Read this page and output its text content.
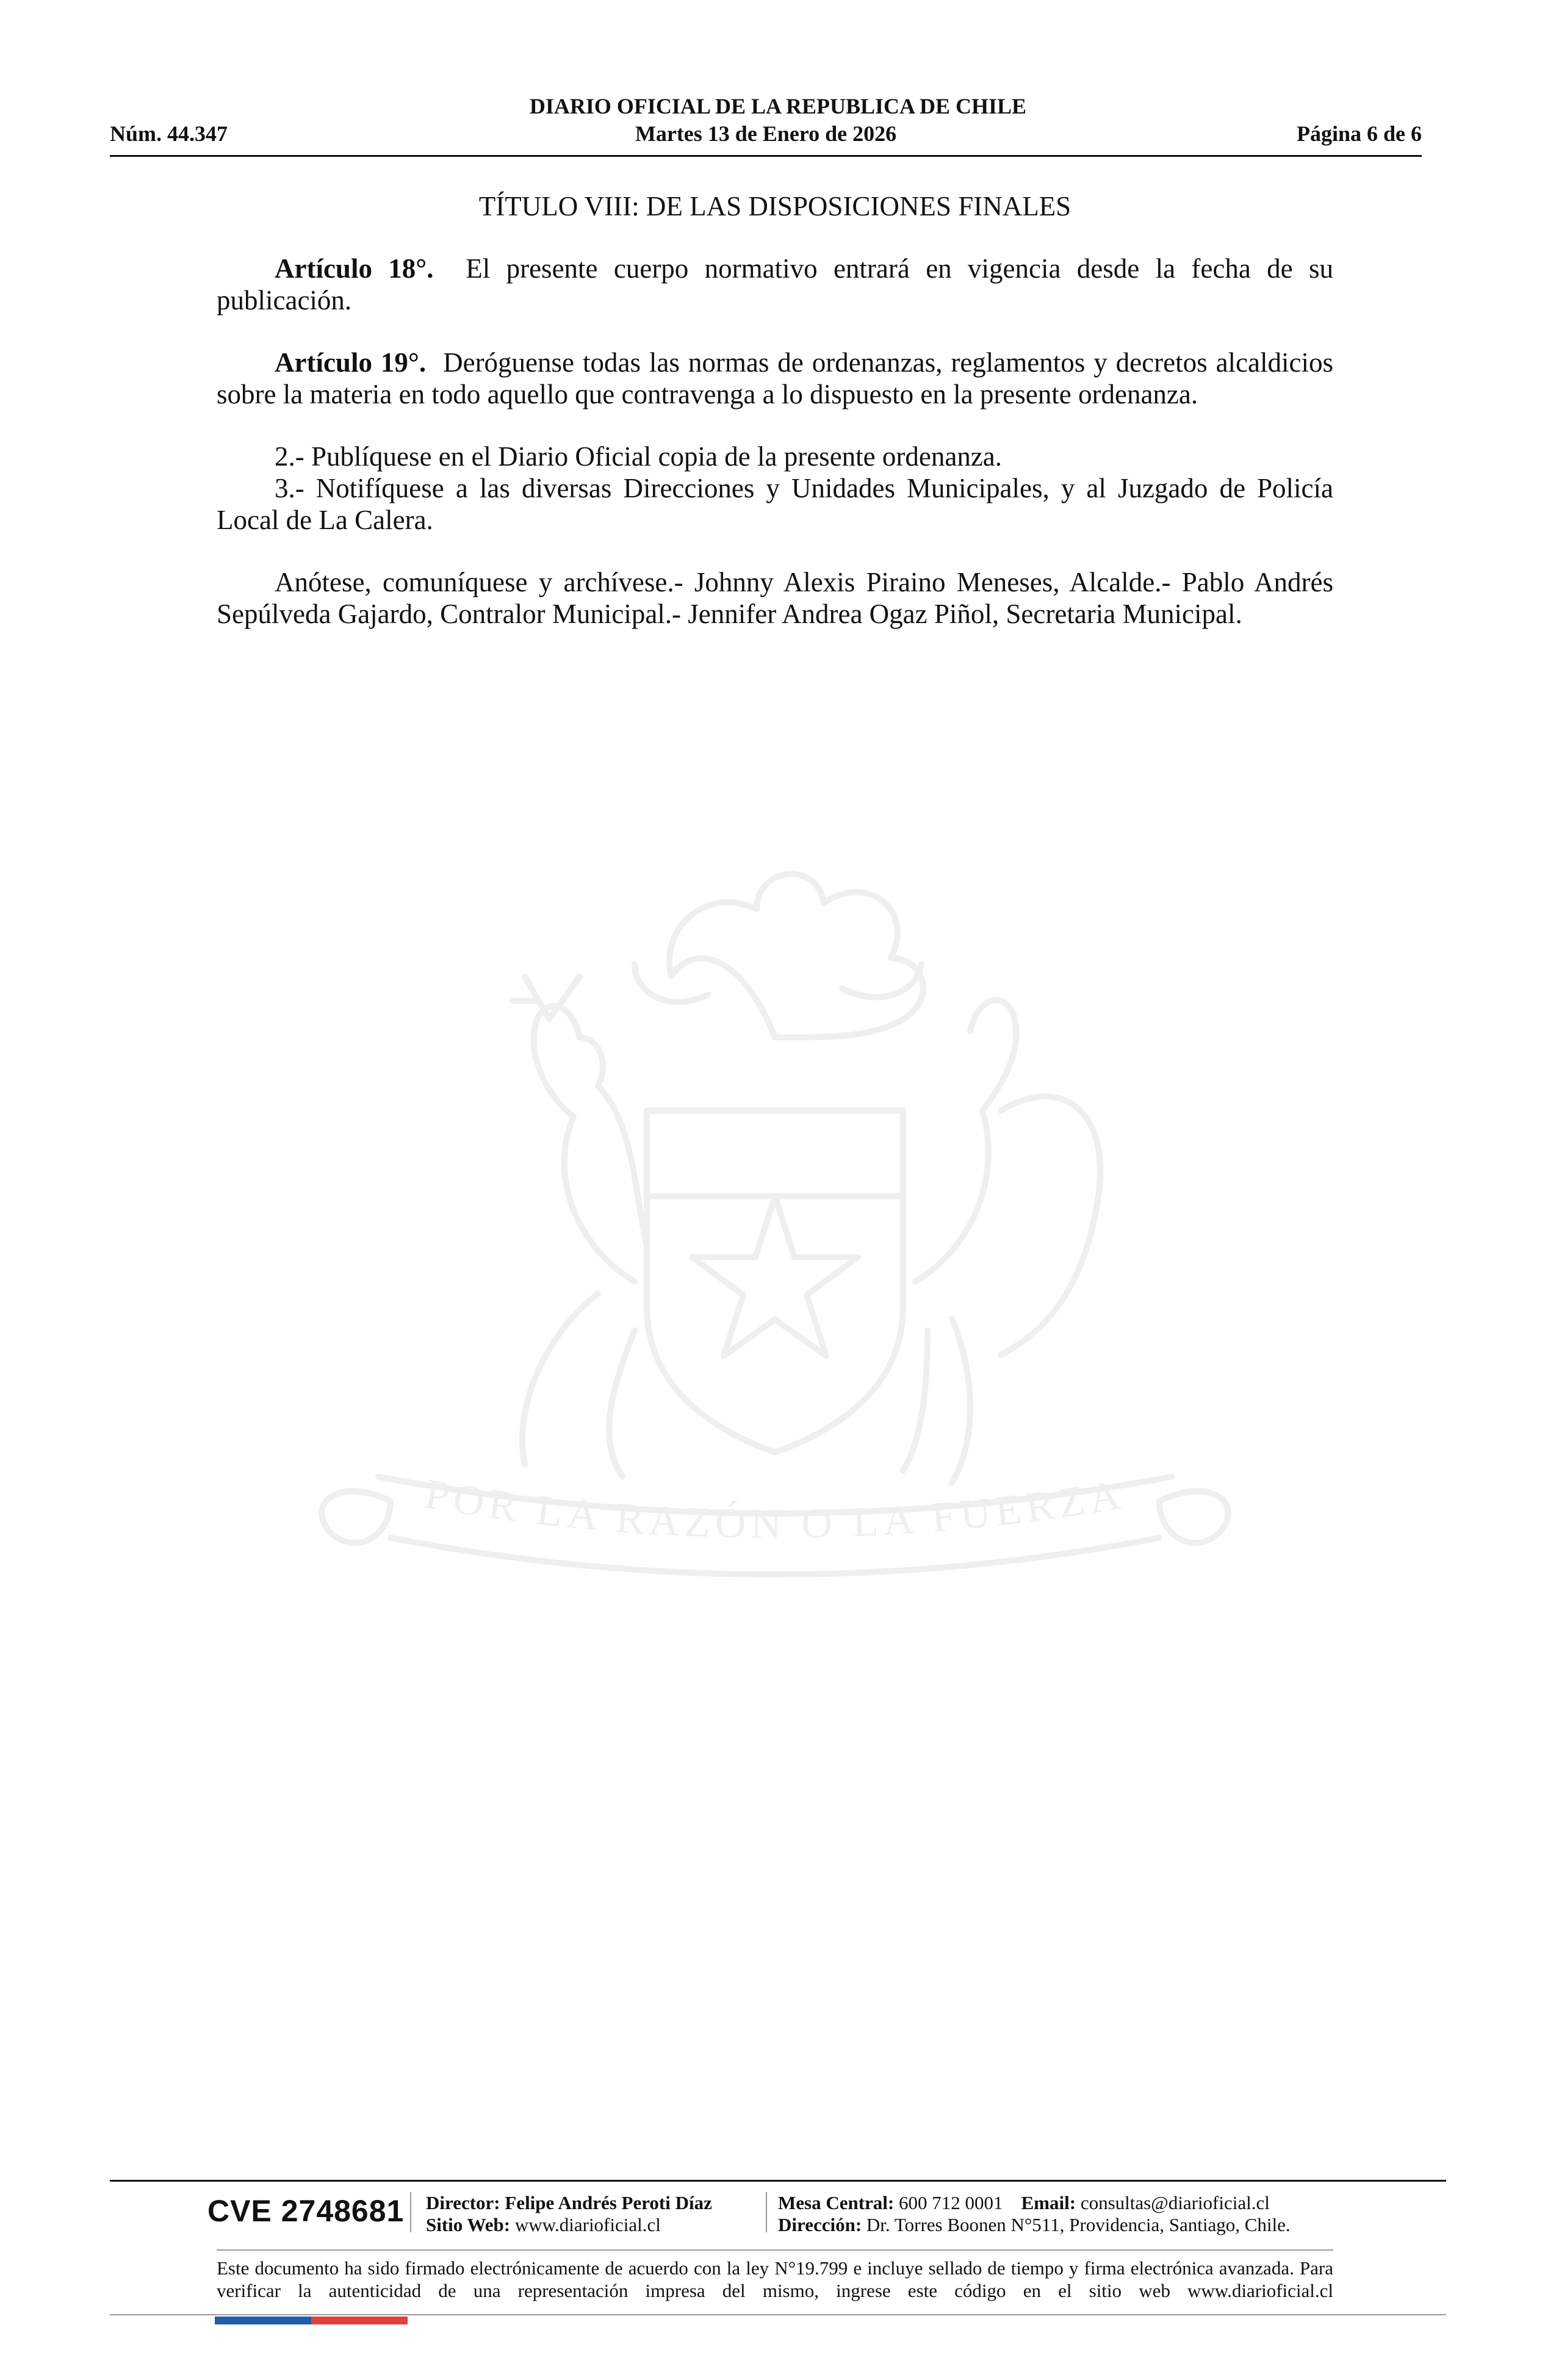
DIARIO OFICIAL DE LA REPUBLICA DE CHILE
Núm. 44.347	Martes 13 de Enero de 2026	Página 6 de 6
POR LA RAZÓN O LA FUERZA
TÍTULO VIII: DE LAS DISPOSICIONES FINALES

Artículo 18°. El presente cuerpo normativo entrará en vigencia desde la fecha de su publicación.

Artículo 19°. Deróguense todas las normas de ordenanzas, reglamentos y decretos alcaldicios sobre la materia en todo aquello que contravenga a lo dispuesto en la presente ordenanza.

2.- Publíquese en el Diario Oficial copia de la presente ordenanza.

3.- Notifíquese a las diversas Direcciones y Unidades Municipales, y al Juzgado de Policía Local de La Calera.

Anótese, comuníquese y archívese.- Johnny Alexis Piraino Meneses, Alcalde.- Pablo Andrés Sepúlveda Gajardo, Contralor Municipal.- Jennifer Andrea Ogaz Piñol, Secretaria Municipal.

CVE 2748681 Director: Felipe Andrés Peroti Díaz
Sitio Web: www.diarioficial.cl
Mesa Central: 600 712 0001 Email: consultas@diarioficial.cl
Dirección: Dr. Torres Boonen N°511, Providencia, Santiago, Chile.
Este documento ha sido firmado electrónicamente de acuerdo con la ley N°19.799 e incluye sellado de tiempo y firma electrónica avanzada. Para verificar la autenticidad de una representación impresa del mismo, ingrese este código en el sitio web www.diarioficial.cl
